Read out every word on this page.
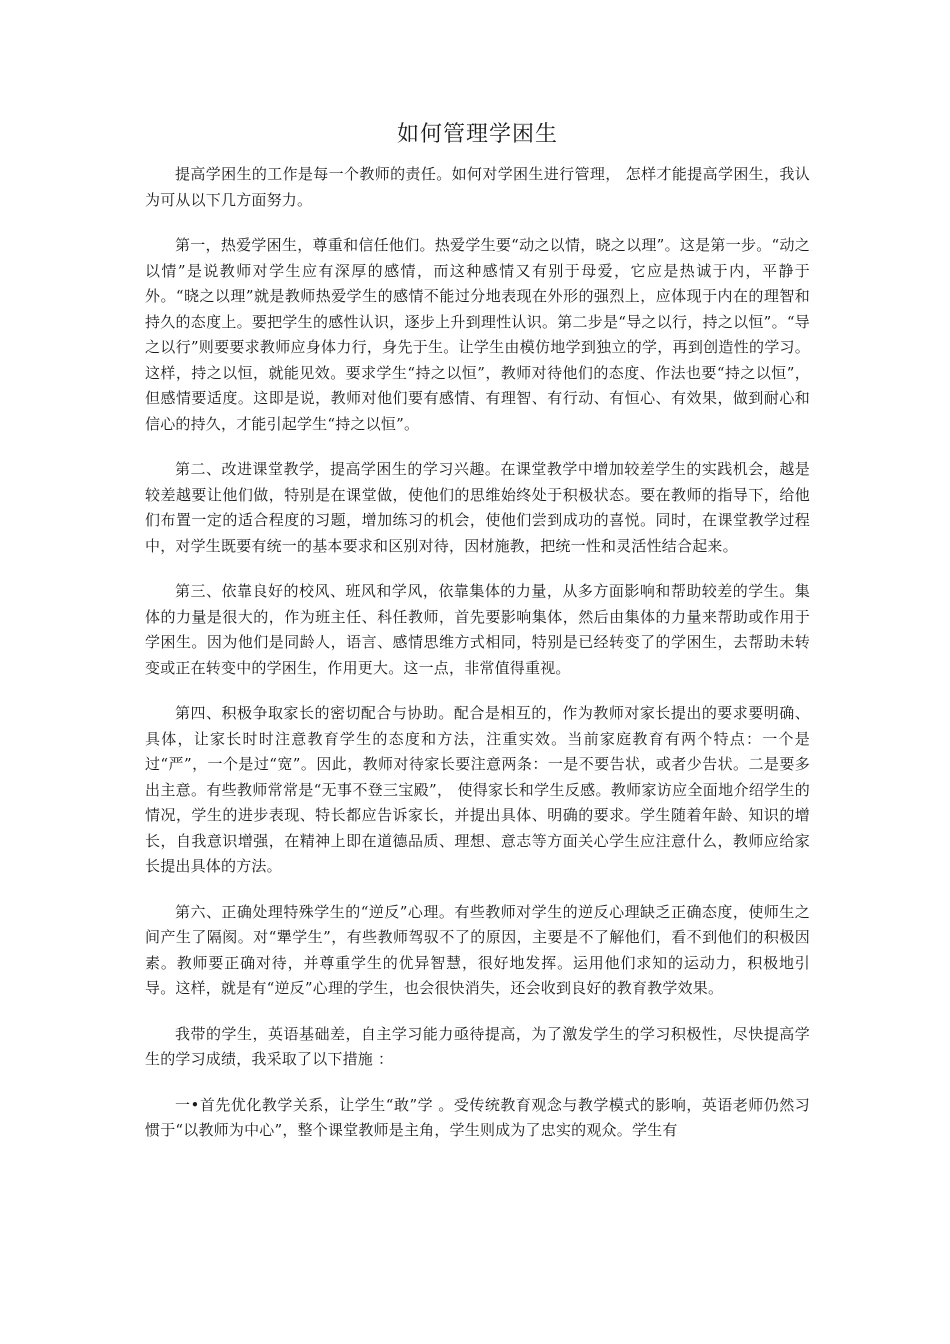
如何管理学困生

提高学困生的工作是每一个教师的责任。如何对学困生进行管理， 怎样才能提高学困生，我认为可从以下几方面努力。

第一，热爱学困生，尊重和信任他们。热爱学生要“动之以情，晓之以理”。这是第一步。“动之以情”是说教师对学生应有深厚的感情，而这种感情又有别于母爱，它应是热诚于内，平静于外。“晓之以理”就是教师热爱学生的感情不能过分地表现在外形的强烈上，应体现于内在的理智和持久的态度上。要把学生的感性认识，逐步上升到理性认识。第二步是“导之以行，持之以恒”。“导之以行”则要要求教师应身体力行，身先于生。让学生由模仿地学到独立的学，再到创造性的学习。这样，持之以恒，就能见效。要求学生“持之以恒”，教师对待他们的态度、作法也要“持之以恒”，但感情要适度。这即是说，教师对他们要有感情、有理智、有行动、有恒心、有效果，做到耐心和信心的持久，才能引起学生“持之以恒”。

第二、改进课堂教学，提高学困生的学习兴趣。在课堂教学中增加较差学生的实践机会，越是较差越要让他们做，特别是在课堂做，使他们的思维始终处于积极状态。要在教师的指导下，给他们布置一定的适合程度的习题，增加练习的机会，使他们尝到成功的喜悦。同时，在课堂教学过程中，对学生既要有统一的基本要求和区别对待，因材施教，把统一性和灵活性结合起来。

第三、依靠良好的校风、班风和学风，依靠集体的力量，从多方面影响和帮助较差的学生。集体的力量是很大的，作为班主任、科任教师，首先要影响集体，然后由集体的力量来帮助或作用于学困生。因为他们是同龄人，语言、感情思维方式相同，特别是已经转变了的学困生，去帮助未转变或正在转变中的学困生，作用更大。这一点，非常值得重视。

第四、积极争取家长的密切配合与协助。配合是相互的，作为教师对家长提出的要求要明确、具体，让家长时时注意教育学生的态度和方法，注重实效。当前家庭教育有两个特点：一个是过“严”，一个是过“宽”。因此，教师对待家长要注意两条：一是不要告状，或者少告状。二是要多出主意。有些教师常常是“无事不登三宝殿”， 使得家长和学生反感。教师家访应全面地介绍学生的情况，学生的进步表现、特长都应告诉家长，并提出具体、明确的要求。学生随着年龄、知识的增长，自我意识增强，在精神上即在道德品质、理想、意志等方面关心学生应注意什么，教师应给家长提出具体的方法。

第六、正确处理特殊学生的“逆反”心理。有些教师对学生的逆反心理缺乏正确态度，使师生之间产生了隔阂。对“犟学生”，有些教师驾驭不了的原因，主要是不了解他们，看不到他们的积极因素。教师要正确对待，并尊重学生的优异智慧，很好地发挥。运用他们求知的运动力，积极地引导。这样，就是有“逆反”心理的学生，也会很快消失，还会收到良好的教育教学效果。

我带的学生，英语基础差，自主学习能力亟待提高，为了激发学生的学习积极性，尽快提高学生的学习成绩，我采取了以下措施 ：

一•首先优化教学关系，让学生“敢”学 。受传统教育观念与教学模式的影响，英语老师仍然习惯于“以教师为中心”，整个课堂教师是主角，学生则成为了忠实的观众。学生有
